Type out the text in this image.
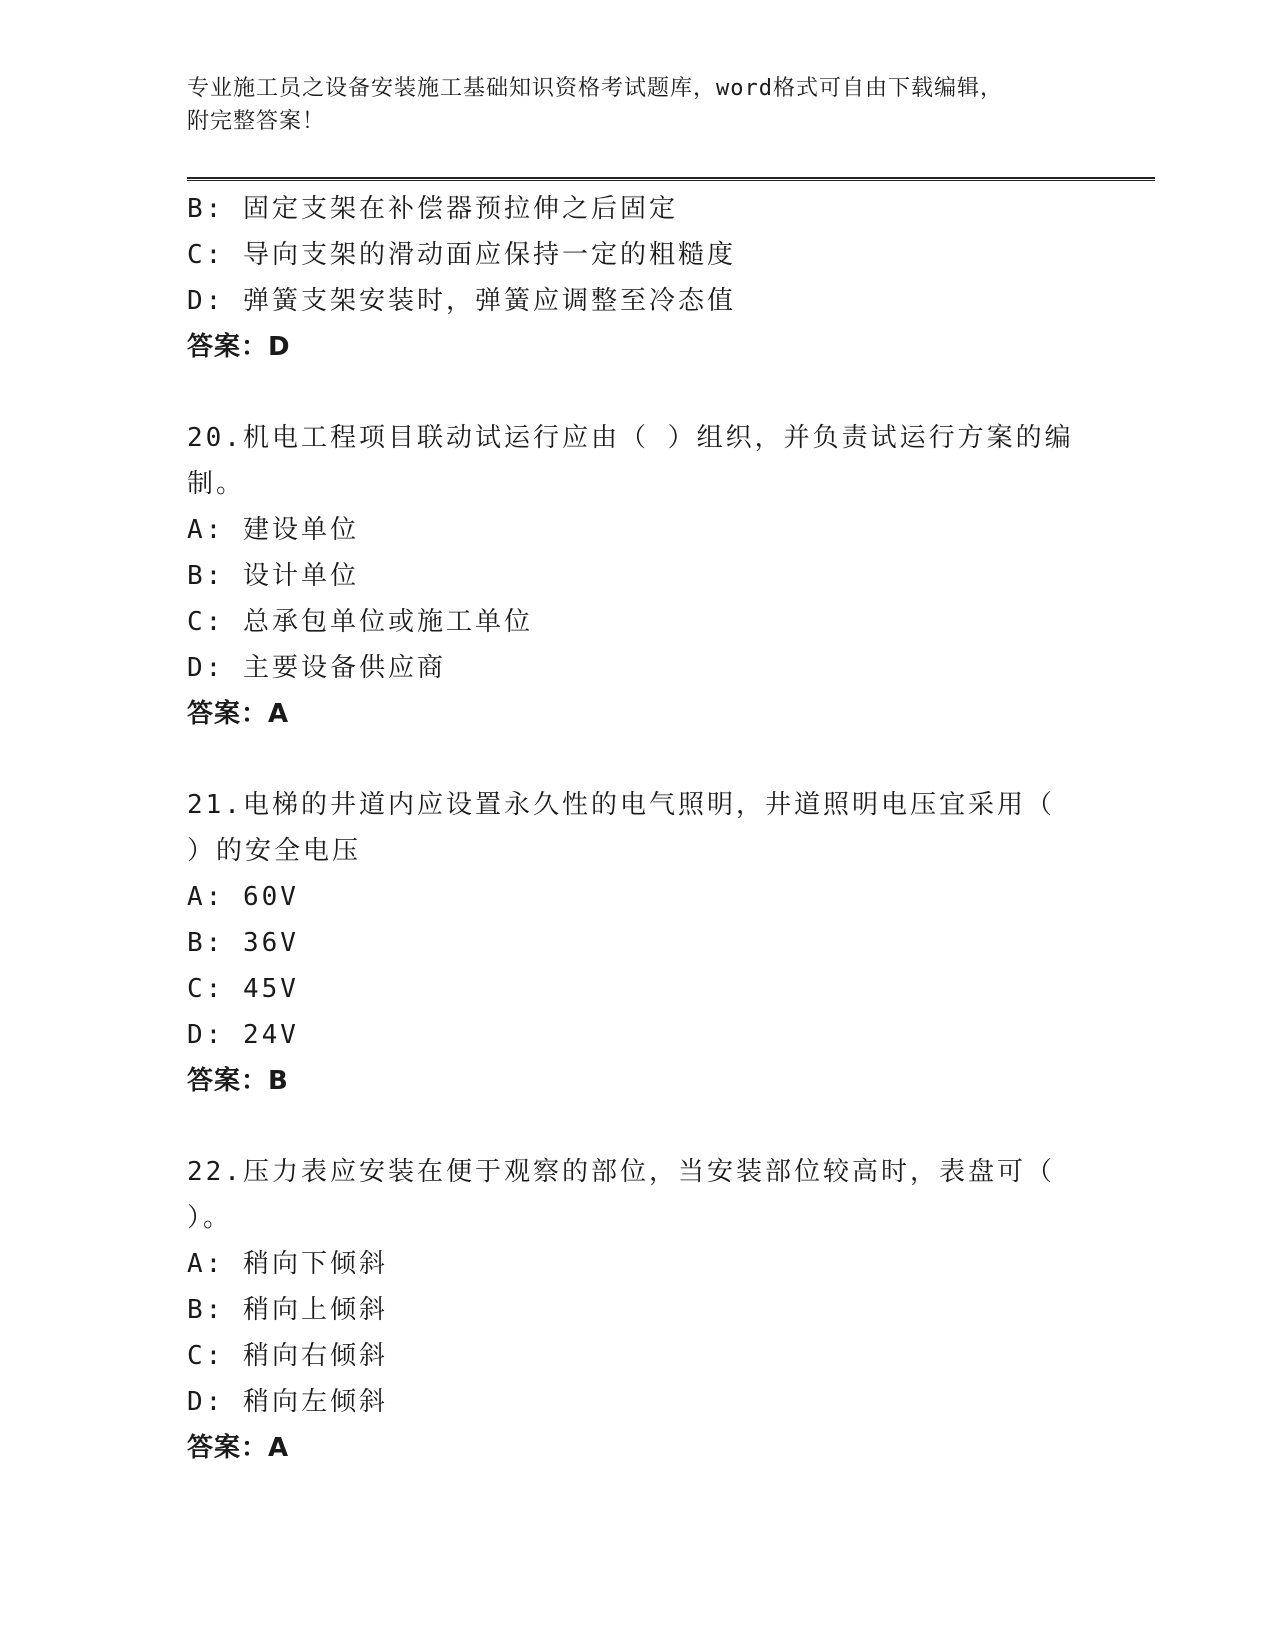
专业施工员之设备安装施工基础知识资格考试题库，word格式可自由下载编辑，
附完整答案！
B: 固定支架在补偿器预拉伸之后固定
C: 导向支架的滑动面应保持一定的粗糙度
D: 弹簧支架安装时，弹簧应调整至冷态值
答案：D
20.机电工程项目联动试运行应由（ ）组织，并负责试运行方案的编
制。
A: 建设单位
B: 设计单位
C: 总承包单位或施工单位
D: 主要设备供应商
答案：A
21.电梯的井道内应设置永久性的电气照明，井道照明电压宜采用（
）的安全电压
A: 60V
B: 36V
C: 45V
D: 24V
答案：B
22.压力表应安装在便于观察的部位，当安装部位较高时，表盘可（
）。
A: 稍向下倾斜
B: 稍向上倾斜
C: 稍向右倾斜
D: 稍向左倾斜
答案：A
